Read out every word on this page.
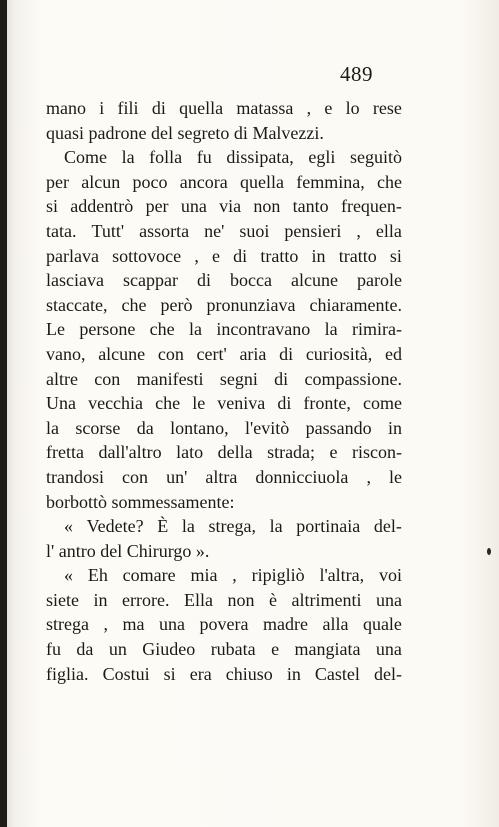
489
mano i fili di quella matassa , e lo rese
quasi padrone del segreto di Malvezzi.
Come la folla fu dissipata, egli seguitò
per alcun poco ancora quella femmina, che
si addentrò per una via non tanto frequen-
tata. Tutt' assorta ne' suoi pensieri , ella
parlava sottovoce , e di tratto in tratto si
lasciava scappar di bocca alcune parole
staccate, che però pronunziava chiaramente.
Le persone che la incontravano la rimira-
vano, alcune con cert' aria di curiosità, ed
altre con manifesti segni di compassione.
Una vecchia che le veniva di fronte, come
la scorse da lontano, l'evitò passando in
fretta dall'altro lato della strada; e riscon-
trandosi con un' altra donnicciuola , le
borbottò sommessamente:
« Vedete? È la strega, la portinaia del-
l' antro del Chirurgo ».
« Eh comare mia , ripigliò l'altra, voi
siete in errore. Ella non è altrimenti una
strega , ma una povera madre alla quale
fu da un Giudeo rubata e mangiata una
figlia. Costui si era chiuso in Castel del-
